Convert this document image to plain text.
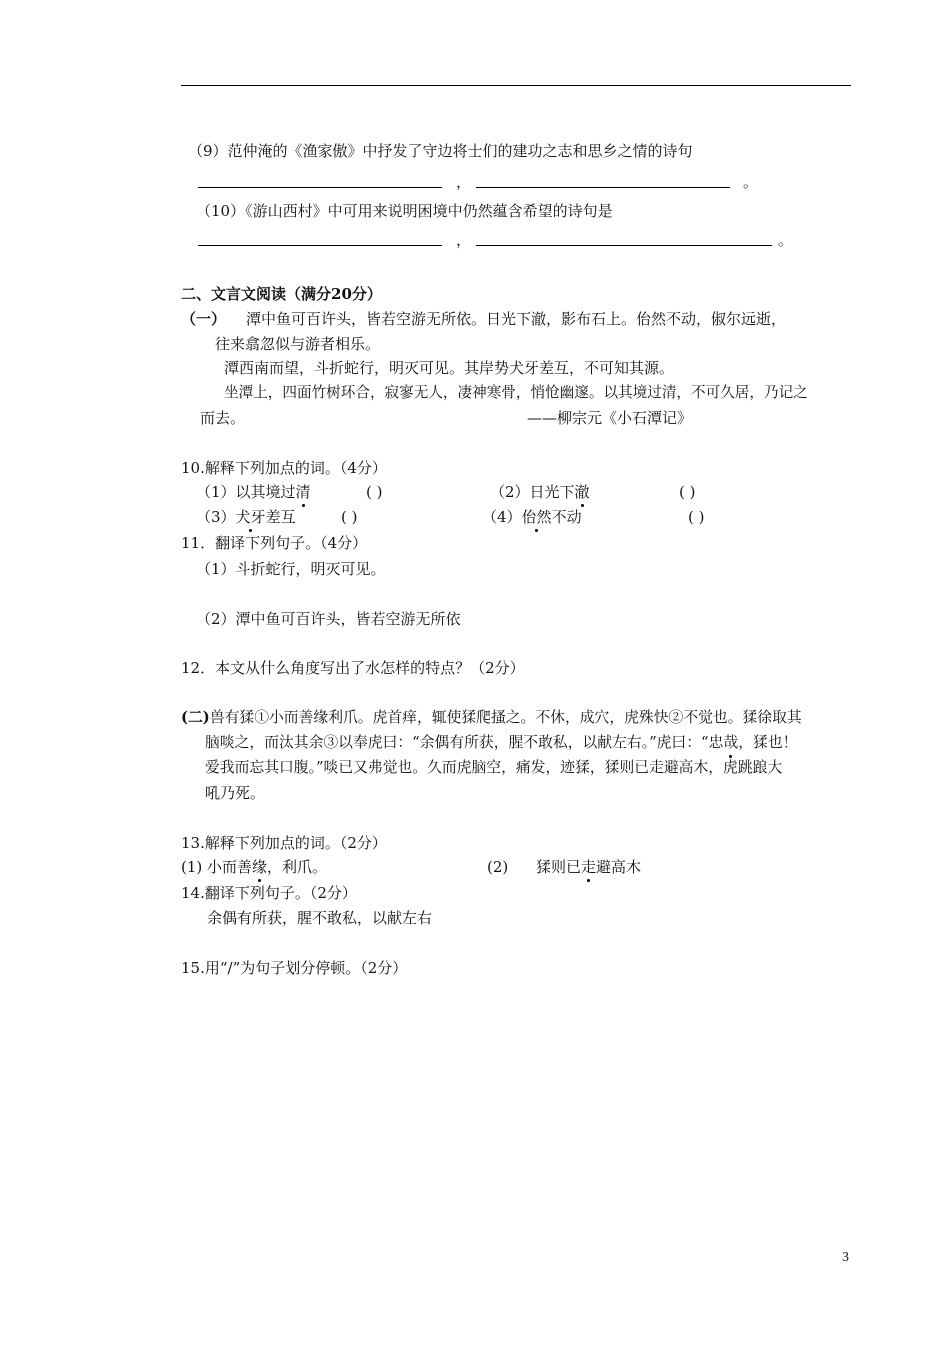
（9）范仲淹的《渔家傲》中抒发了守边将士们的建功之志和思乡之情的诗句
，	。
（10）《游山西村》中可用来说明困境中仍然蕴含希望的诗句是
，	。
二、文言文阅读（满分20分）
（一） 潭中鱼可百许头，皆若空游无所依。日光下澈，影布石上。佁然不动，俶尔远逝，
往来翕忽似与游者相乐。
潭西南而望，斗折蛇行，明灭可见。其岸势犬牙差互，不可知其源。
坐潭上，四面竹树环合，寂寥无人，凄神寒骨，悄怆幽邃。以其境过清，不可久居，乃记之
而去。	——柳宗元《小石潭记》
10.解释下列加点的词。（4分）
（1）以其境过清	( )	（2）日光下澈	( )
（3）犬牙差互	( )	（4）佁然不动	( )
11．翻译下列句子。（4分）
（1）斗折蛇行，明灭可见。
（2）潭中鱼可百许头，皆若空游无所依
12．本文从什么角度写出了水怎样的特点？（2分）
(二)兽有猱①小而善缘利爪。虎首痒，辄使猱爬搔之。不休，成穴，虎殊快②不觉也。猱徐取其
脑啖之，而汰其余③以奉虎曰：“余偶有所获，腥不敢私，以献左右。”虎曰：“忠哉，猱也！
爱我而忘其口腹。”啖已又弗觉也。久而虎脑空，痛发，迹猱，猱则已走避高木，虎跳踉大
吼乃死。
13.解释下列加点的词。（2分）
(1) 小而善缘，利爪。	(2) 猱则已走避高木
14.翻译下列句子。（2分）
余偶有所获，腥不敢私，以献左右
15.用“/”为句子划分停顿。（2分）
3
